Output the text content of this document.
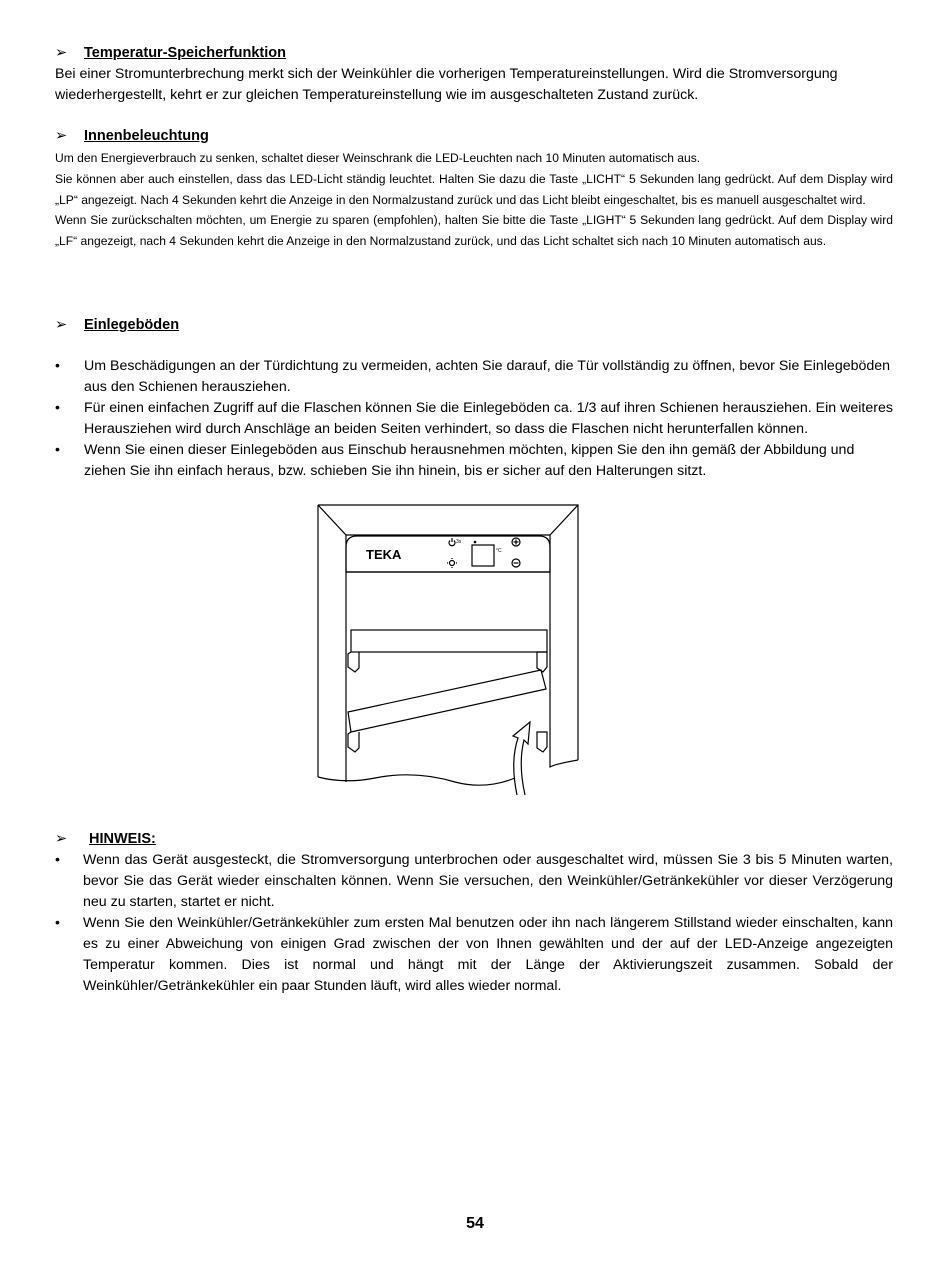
➢ Temperatur-Speicherfunktion
Bei einer Stromunterbrechung merkt sich der Weinkühler die vorherigen Temperatureinstellungen. Wird die Stromversorgung wiederhergestellt, kehrt er zur gleichen Temperatureinstellung wie im ausgeschalteten Zustand zurück.
➢ Innenbeleuchtung
Um den Energieverbrauch zu senken, schaltet dieser Weinschrank die LED-Leuchten nach 10 Minuten automatisch aus.
Sie können aber auch einstellen, dass das LED-Licht ständig leuchtet. Halten Sie dazu die Taste „LICHT“ 5 Sekunden lang gedrückt. Auf dem Display wird „LP“ angezeigt. Nach 4 Sekunden kehrt die Anzeige in den Normalzustand zurück und das Licht bleibt eingeschaltet, bis es manuell ausgeschaltet wird.
Wenn Sie zurückschalten möchten, um Energie zu sparen (empfohlen), halten Sie bitte die Taste „LIGHT“ 5 Sekunden lang gedrückt. Auf dem Display wird „LF“ angezeigt, nach 4 Sekunden kehrt die Anzeige in den Normalzustand zurück, und das Licht schaltet sich nach 10 Minuten automatisch aus.
➢ Einlegeböden
• Um Beschädigungen an der Türdichtung zu vermeiden, achten Sie darauf, die Tür vollständig zu öffnen, bevor Sie Einlegeböden aus den Schienen herausziehen.
• Für einen einfachen Zugriff auf die Flaschen können Sie die Einlegeböden ca. 1/3 auf ihren Schienen herausziehen. Ein weiteres Herausziehen wird durch Anschläge an beiden Seiten verhindert, so dass die Flaschen nicht herunterfallen können.
• Wenn Sie einen dieser Einlegeböden aus Einschub herausnehmen möchten, kippen Sie den ihn gemäß der Abbildung und ziehen Sie ihn einfach heraus, bzw. schieben Sie ihn hinein, bis er sicher auf den Halterungen sitzt.
TEKA
3s
°C
➢ HINWEIS:
• Wenn das Gerät ausgesteckt, die Stromversorgung unterbrochen oder ausgeschaltet wird, müssen Sie 3 bis 5 Minuten warten, bevor Sie das Gerät wieder einschalten können. Wenn Sie versuchen, den Weinkühler/Getränkekühler vor dieser Verzögerung neu zu starten, startet er nicht.
• Wenn Sie den Weinkühler/Getränkekühler zum ersten Mal benutzen oder ihn nach längerem Stillstand wieder einschalten, kann es zu einer Abweichung von einigen Grad zwischen der von Ihnen gewählten und der auf der LED-Anzeige angezeigten Temperatur kommen. Dies ist normal und hängt mit der Länge der Aktivierungszeit zusammen. Sobald der Weinkühler/Getränkekühler ein paar Stunden läuft, wird alles wieder normal.
54
